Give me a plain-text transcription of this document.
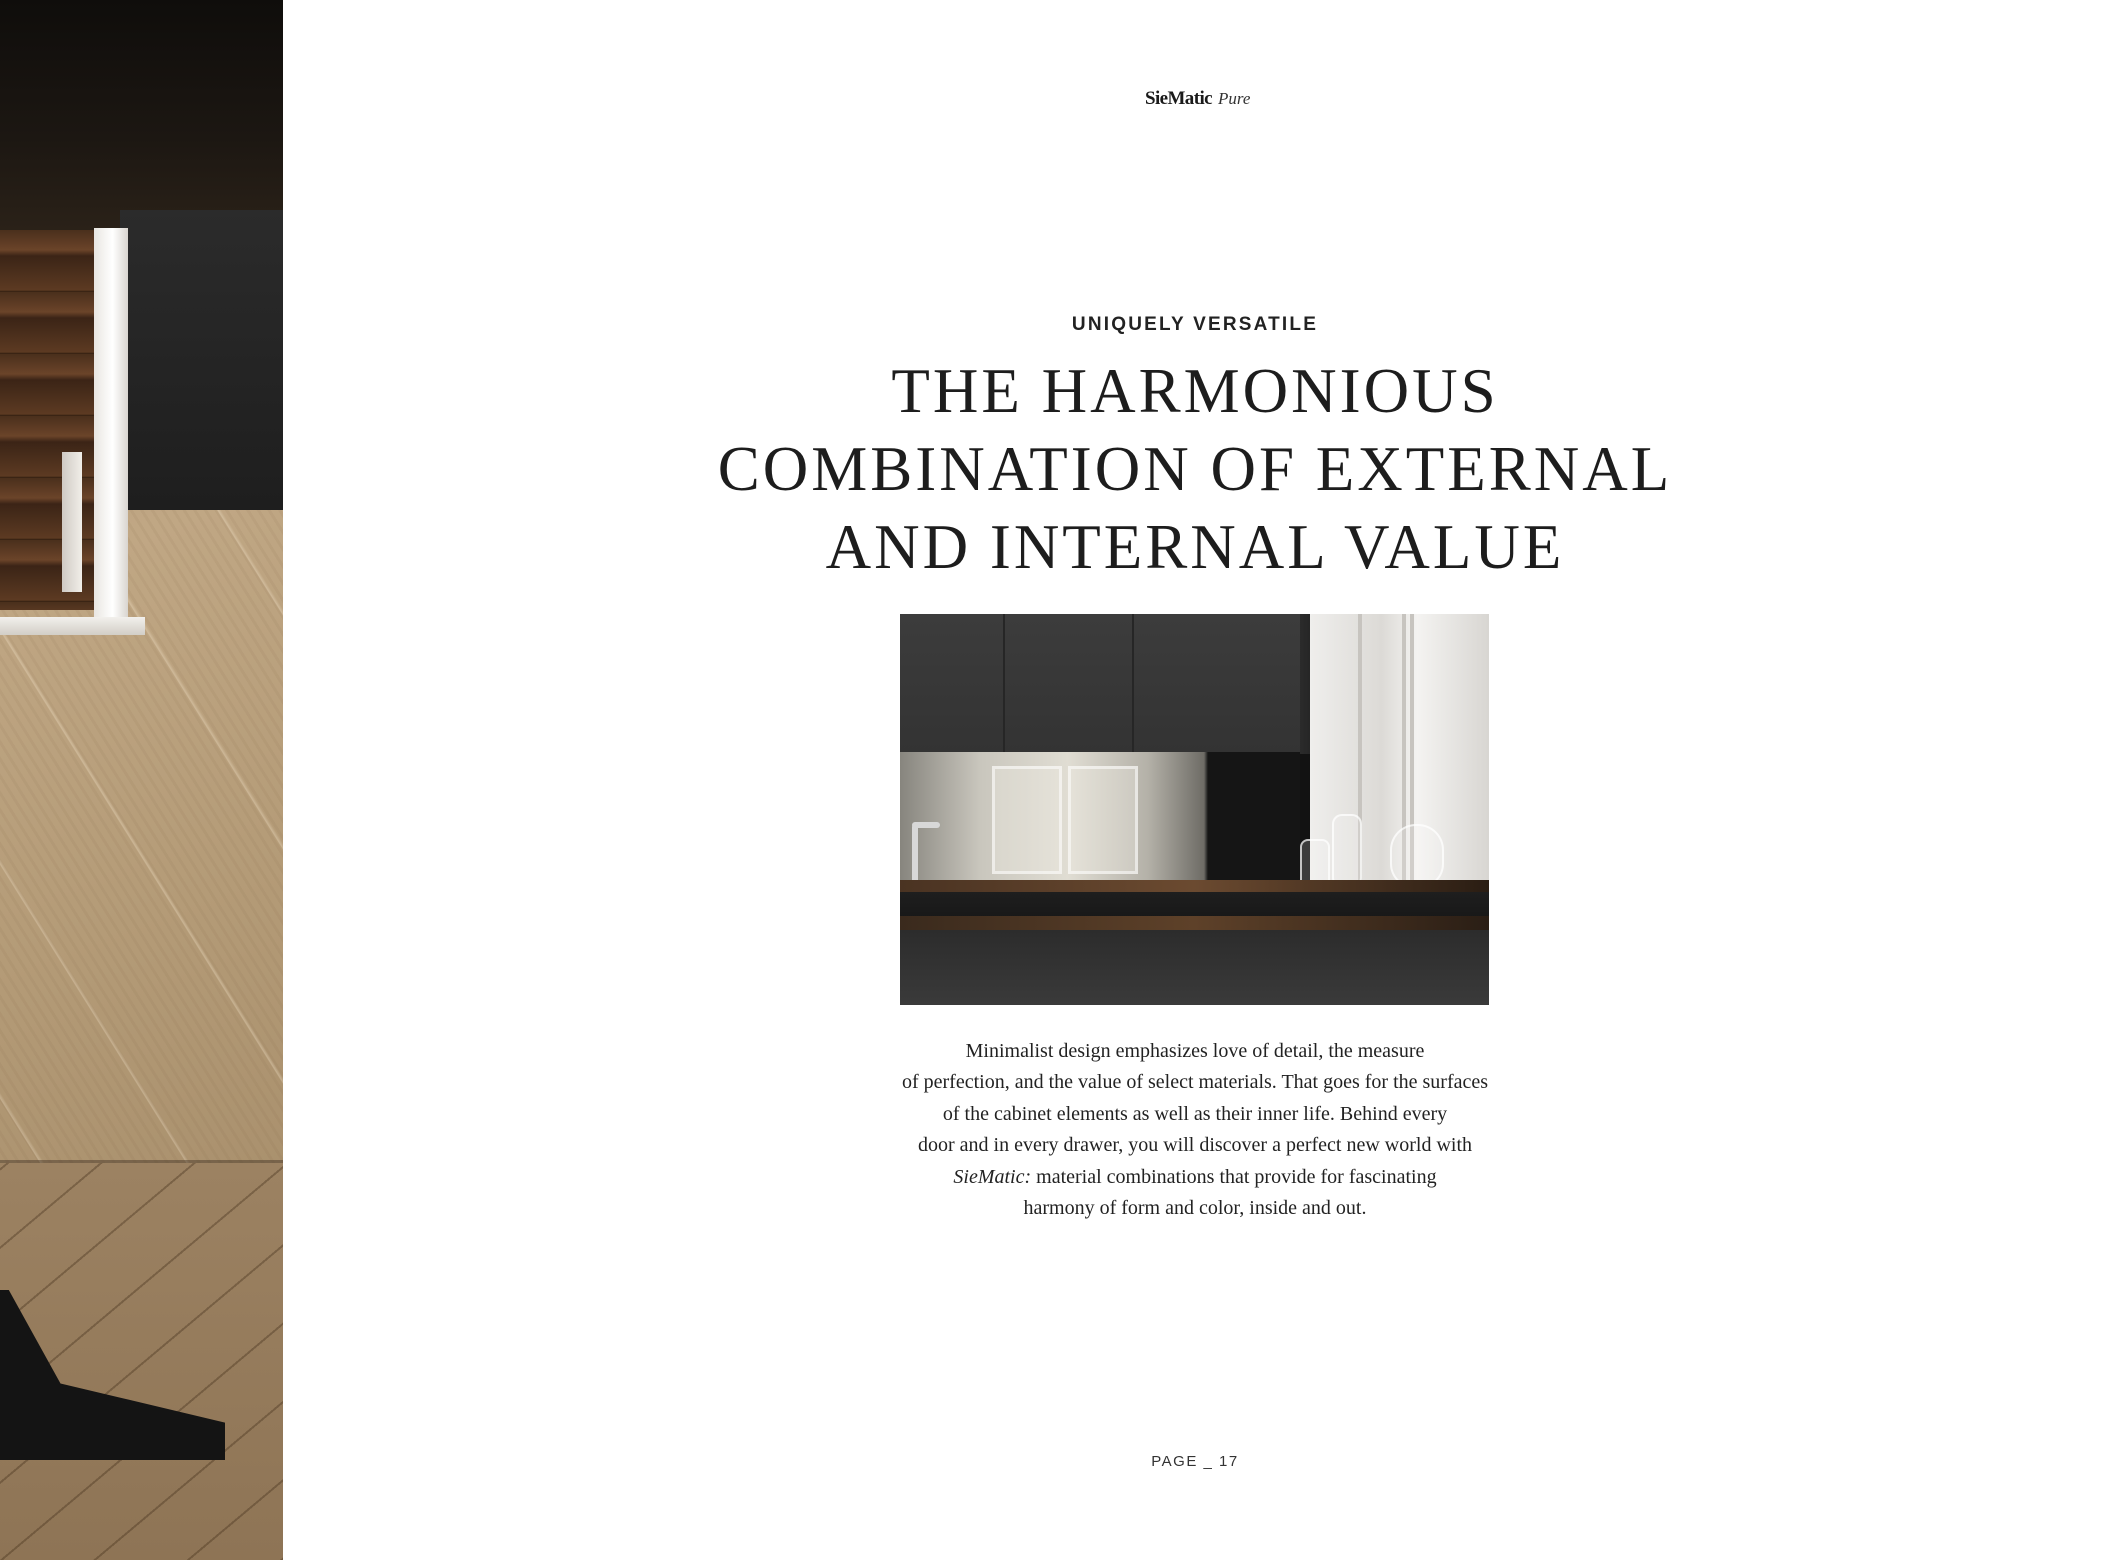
SieMatic Pure
UNIQUELY VERSATILE
THE HARMONIOUS
COMBINATION OF EXTERNAL
AND INTERNAL VALUE
Minimalist design emphasizes love of detail, the measure
of perfection, and the value of select materials. That goes for the surfaces
of the cabinet elements as well as their inner life. Behind every
door and in every drawer, you will discover a perfect new world with
SieMatic: material combinations that provide for fascinating
harmony of form and color, inside and out.
PAGE _ 17
